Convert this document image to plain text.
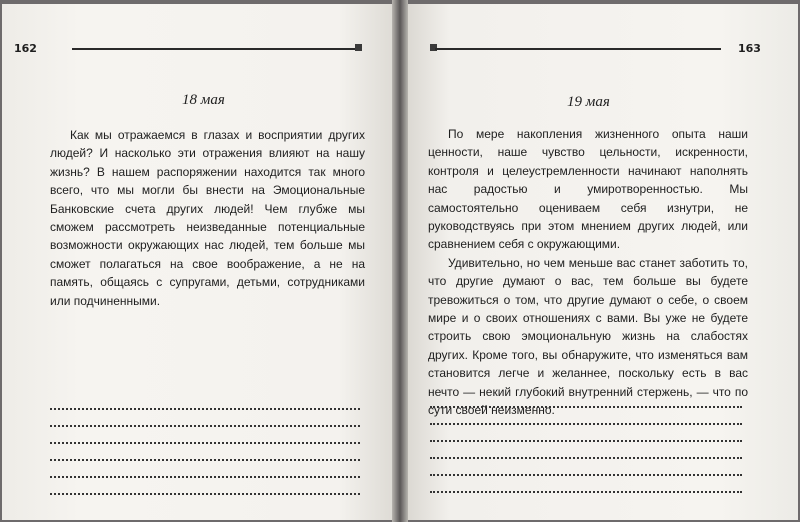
162	163
18 мая

Как мы отражаемся в глазах и восприятии других людей? И насколько эти отражения влияют на нашу жизнь? В нашем распоряжении находится так много всего, что мы могли бы внести на Эмоциональные Банковские счета других людей! Чем глубже мы сможем рассмотреть неизведанные потенциальные возможности окружающих нас людей, тем больше мы сможет полагаться на свое воображение, а не на память, общаясь с супругами, детьми, сотрудниками или подчиненными.

19 мая

По мере накопления жизненного опыта наши ценности, наше чувство цельности, искренности, контроля и целеустремленности начинают наполнять нас радостью и умиротворенностью. Мы самостоятельно оцениваем себя изнутри, не руководствуясь при этом мнением других людей, или сравнением себя с окружающими.

Удивительно, но чем меньше вас станет заботить то, что другие думают о вас, тем больше вы будете тревожиться о том, что другие думают о себе, о своем мире и о своих отношениях с вами. Вы уже не будете строить свою эмоциональную жизнь на слабостях других. Кроме того, вы обнаружите, что изменяться вам становится легче и желаннее, поскольку есть в вас нечто — некий глубокий внутренний стержень, — что по сути своей неизменно.
